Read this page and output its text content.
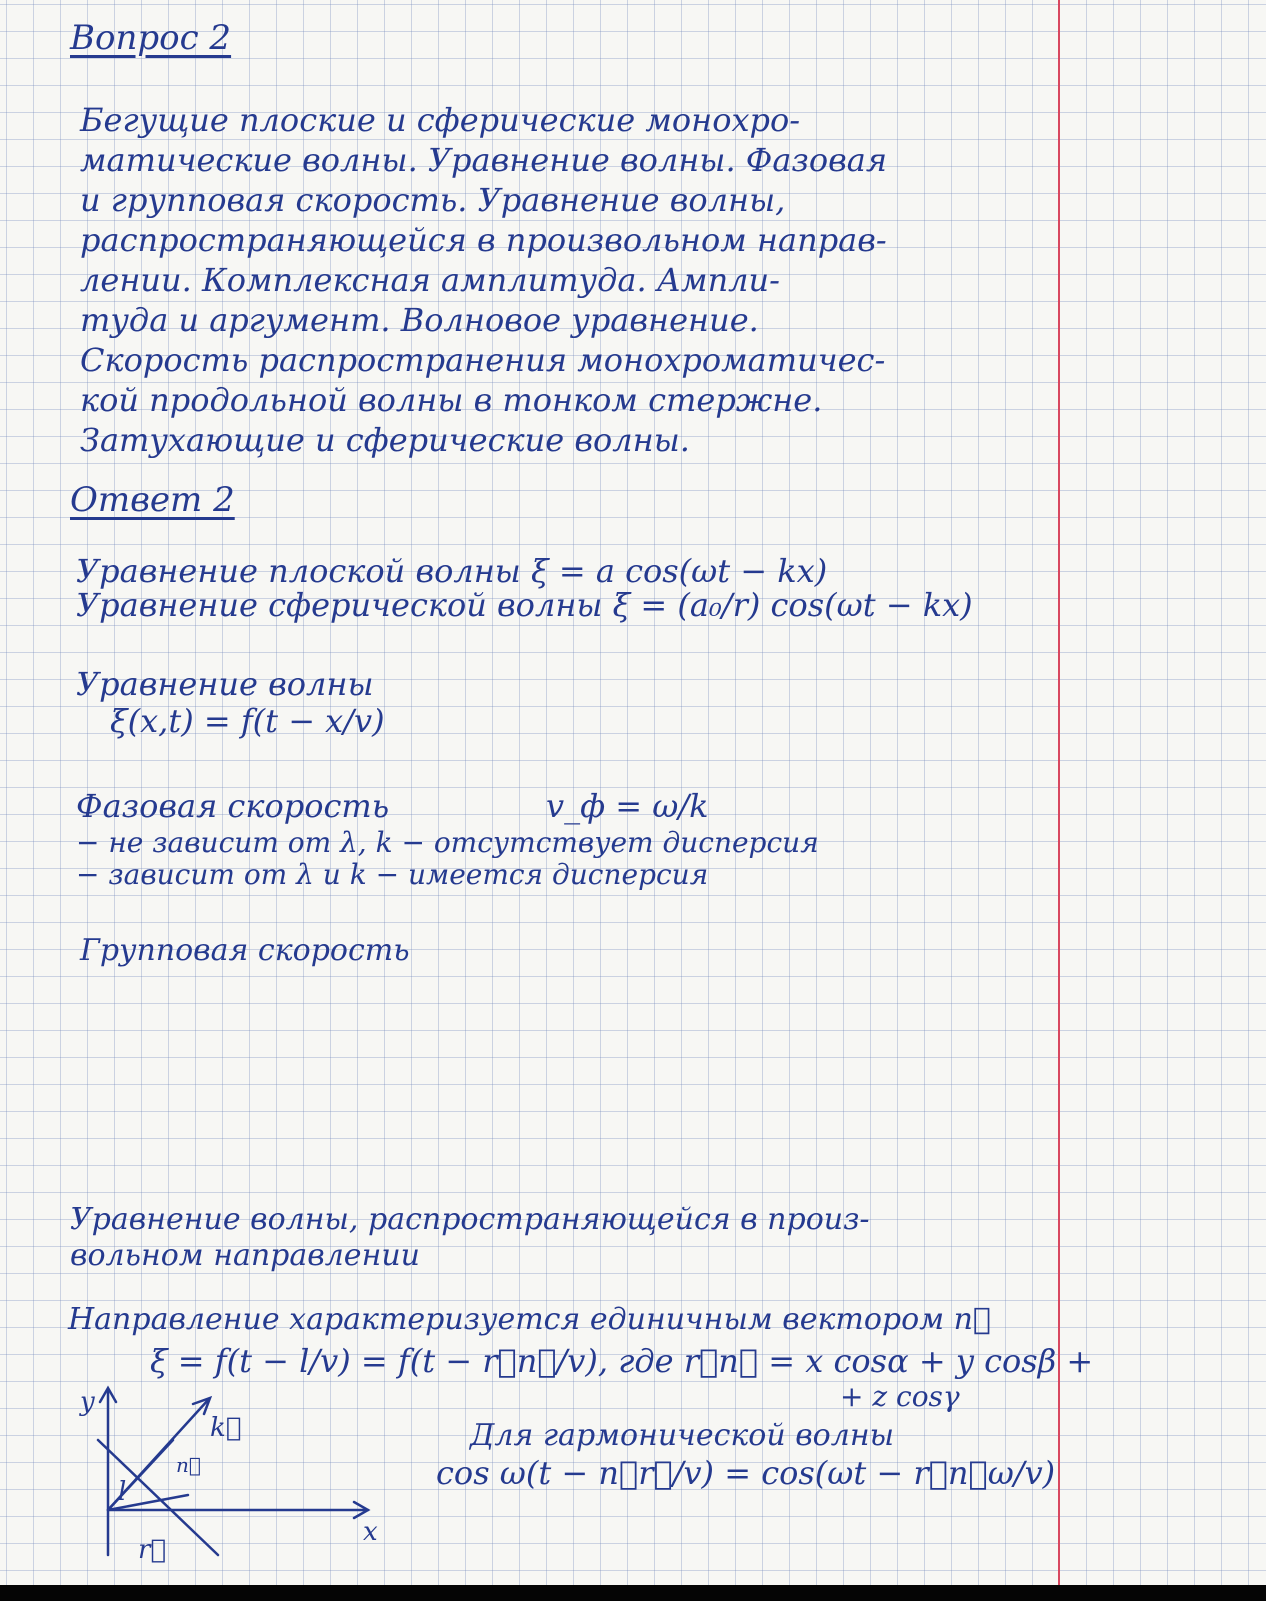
Вопрос 2

Бегущие плоские и сферические монохро-
матические волны. Уравнение волны. Фазовая
и групповая скорость. Уравнение волны,
распространяющейся в произвольном направ-
лении. Комплексная амплитуда. Ампли-
туда и аргумент. Волновое уравнение.
Скорость распространения монохроматичес-
кой продольной волны в тонком стержне.
Затухающие и сферические волны.

Ответ 2

Уравнение плоской волны ξ = a cos(ωt − kx)

Уравнение сферической волны ξ = (a₀/r) cos(ωt − kx)

Уравнение волны

ξ(x,t) = f(t − x/v)

Фазовая скорость	v_ф = ω/k

− не зависит от λ, k − отсутствует дисперсия

− зависит от λ и k − имеется дисперсия

Групповая скорость

Уравнение волны, распространяющейся в произ-
вольном направлении

Направление характеризуется единичным вектором n⃗

ξ = f(t − l/v) = f(t − r⃗n⃗/v), где r⃗n⃗ = x cosα + y cosβ +

+ z cosγ

Для гармонической волны

cos ω(t − n⃗r⃗/v) = cos(ωt − r⃗n⃗ω/v)

y
x
k⃗
n⃗
l
r⃗
